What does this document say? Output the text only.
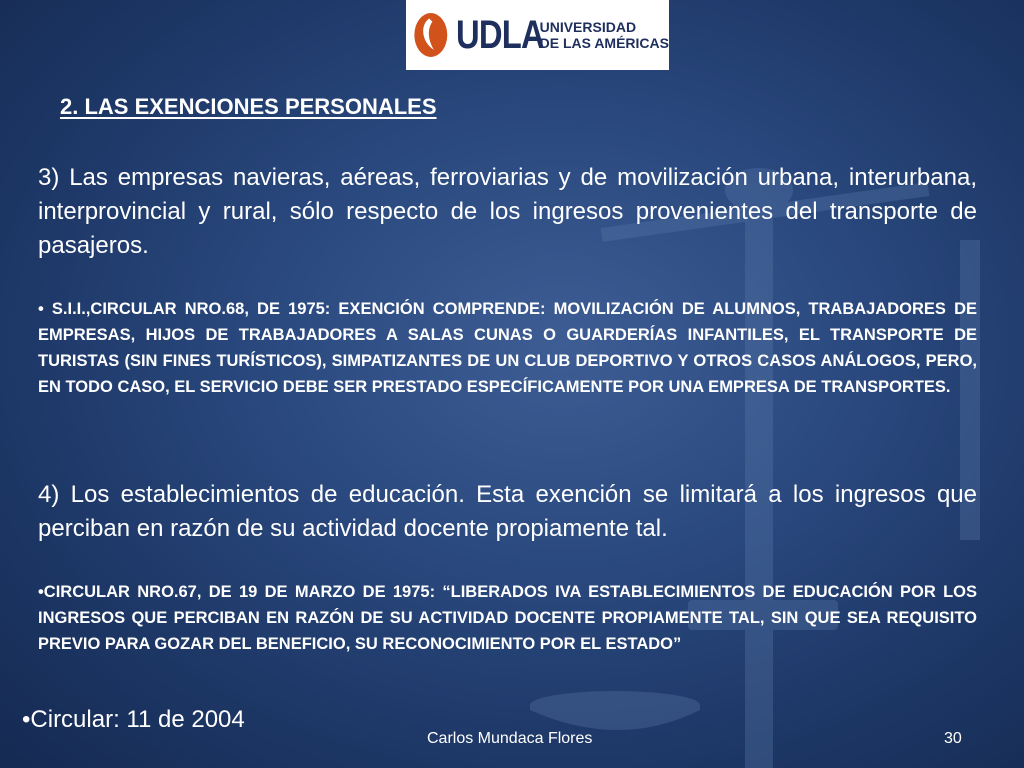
UDLA
UNIVERSIDAD
DE LAS AMÉRICAS
2. LAS EXENCIONES PERSONALES
3) Las empresas navieras, aéreas, ferroviarias y de movilización urbana, interurbana, interprovincial y rural, sólo respecto de los ingresos provenientes del transporte de pasajeros.
• S.I.I.,CIRCULAR NRO.68, DE 1975: EXENCIÓN COMPRENDE: MOVILIZACIÓN DE ALUMNOS, TRABAJADORES DE EMPRESAS, HIJOS DE TRABAJADORES A SALAS CUNAS O GUARDERÍAS INFANTILES, EL TRANSPORTE DE TURISTAS (SIN FINES TURÍSTICOS), SIMPATIZANTES DE UN CLUB DEPORTIVO Y OTROS CASOS ANÁLOGOS, PERO, EN TODO CASO, EL SERVICIO DEBE SER PRESTADO ESPECÍFICAMENTE POR UNA EMPRESA DE TRANSPORTES.
4) Los establecimientos de educación. Esta exención se limitará a los ingresos que perciban en razón de su actividad docente propiamente tal.
•CIRCULAR NRO.67, DE 19 DE MARZO DE 1975: “LIBERADOS IVA ESTABLECIMIENTOS DE EDUCACIÓN POR LOS INGRESOS QUE PERCIBAN EN RAZÓN DE SU ACTIVIDAD DOCENTE PROPIAMENTE TAL, SIN QUE SEA REQUISITO PREVIO PARA GOZAR DEL BENEFICIO, SU RECONOCIMIENTO POR EL ESTADO”
•Circular: 11 de 2004
Carlos Mundaca Flores	30
